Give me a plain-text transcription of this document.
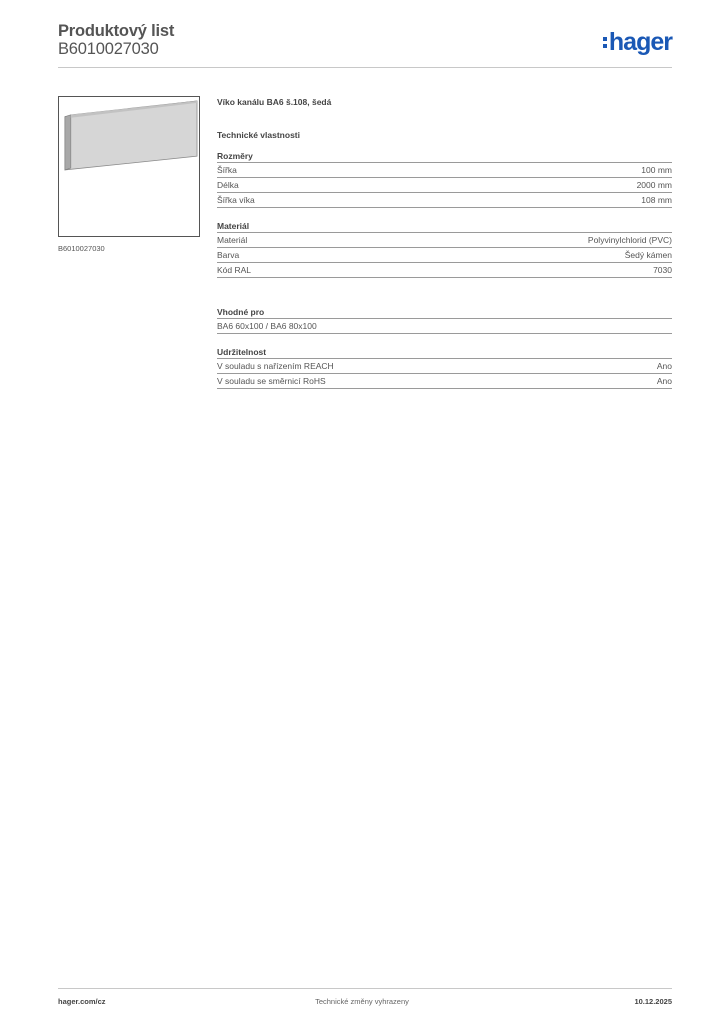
Produktový list
B6010027030	hager
B6010027030
Víko kanálu BA6 š.108, šedá
Technické vlastnosti
Rozměry
Šířka	100 mm
Délka	2000 mm
Šířka víka	108 mm
Materiál
Materiál	Polyvinylchlorid (PVC)
Barva	Šedý kámen
Kód RAL	7030
Vhodné pro
BA6 60x100 / BA6 80x100
Udržitelnost
V souladu s nařízením REACH	Ano
V souladu se směrnicí RoHS	Ano
hager.com/cz	Technické změny vyhrazeny	10.12.2025
